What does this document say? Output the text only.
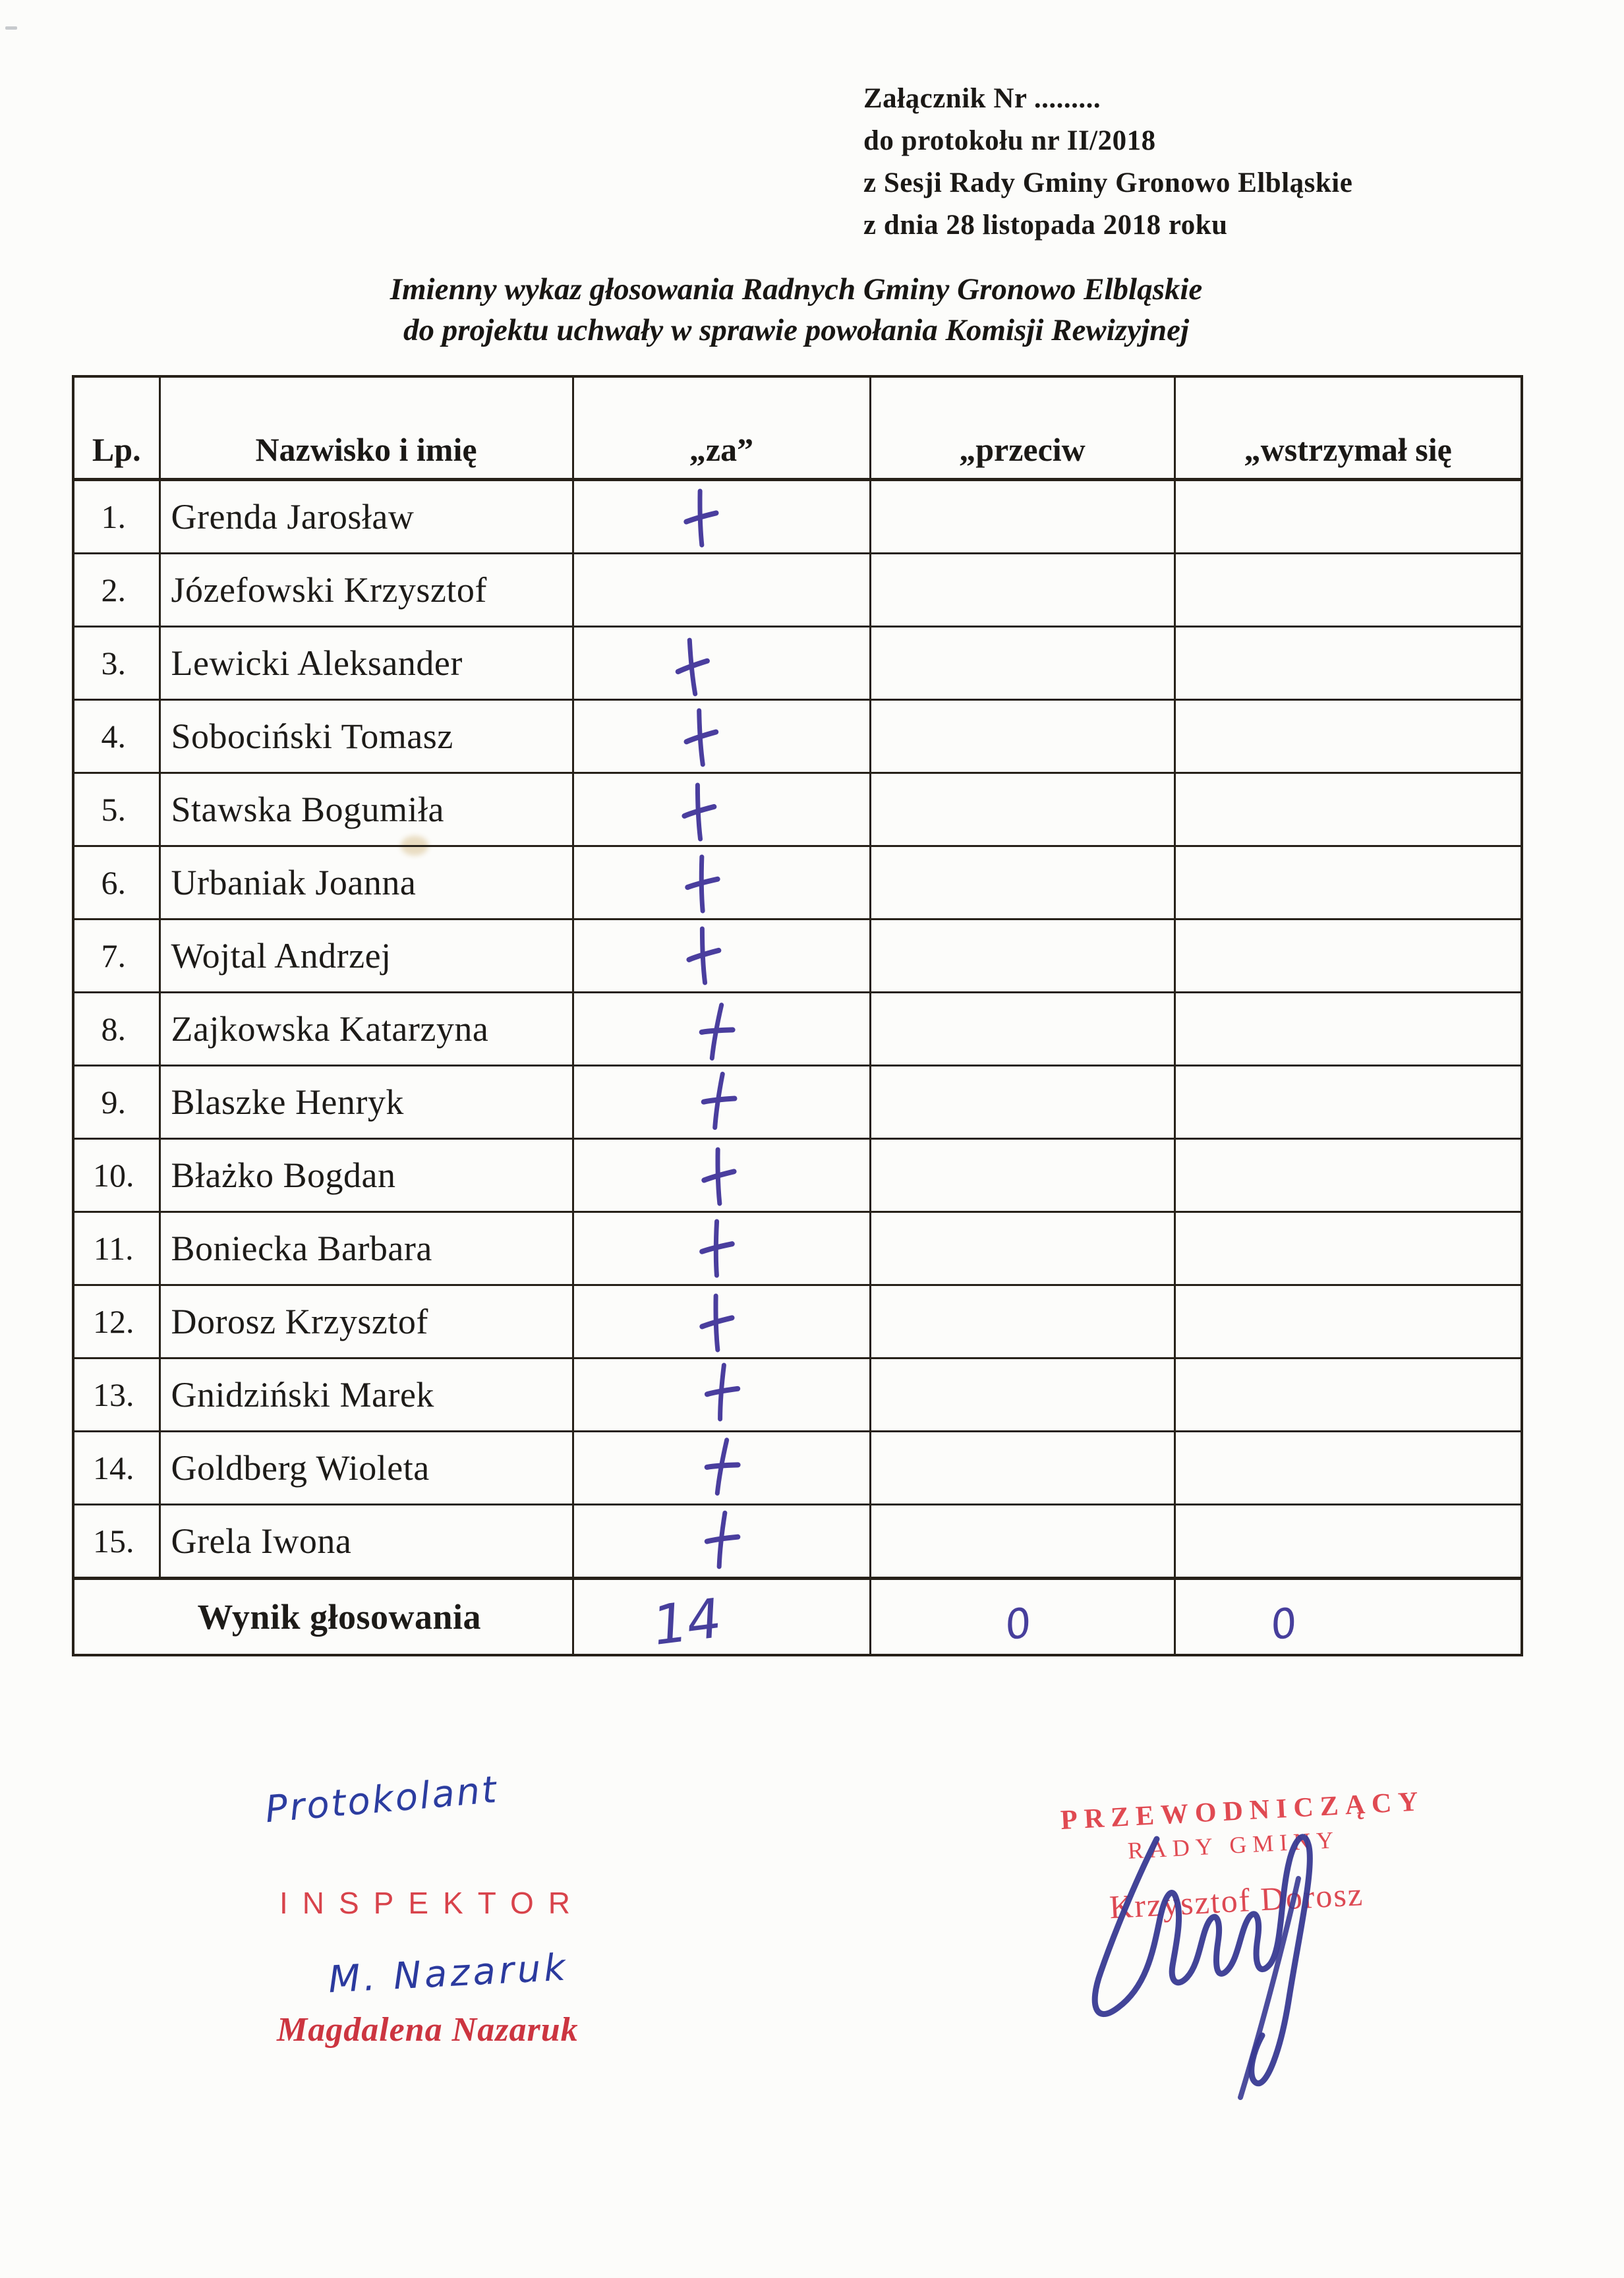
Załącznik Nr .........
do protokołu nr II/2018
z Sesji Rady Gminy Gronowo Elbląskie
z dnia 28 listopada 2018 roku
Imienny wykaz głosowania Radnych Gminy Gronowo Elbląskie
do projektu uchwały w sprawie powołania Komisji Rewizyjnej
Lp.	Nazwisko i imię	„za”	„przeciw	„wstrzymał się
1.	Grenda Jarosław			
2.	Józefowski Krzysztof			
3.	Lewicki Aleksander			
4.	Sobociński Tomasz			
5.	Stawska Bogumiła			
6.	Urbaniak Joanna			
7.	Wojtal Andrzej			
8.	Zajkowska Katarzyna			
9.	Blaszke Henryk			
10.	Błażko Bogdan			
11.	Boniecka Barbara			
12.	Dorosz Krzysztof			
13.	Gnidziński Marek			
14.	Goldberg Wioleta			
15.	Grela Iwona			
Wynik głosowania		14	0	0
Protokolant
INSPEKTOR
M. Nazaruk
Magdalena Nazaruk
PRZEWODNICZĄCY
RADY GMINY
Krzysztof Dorosz
